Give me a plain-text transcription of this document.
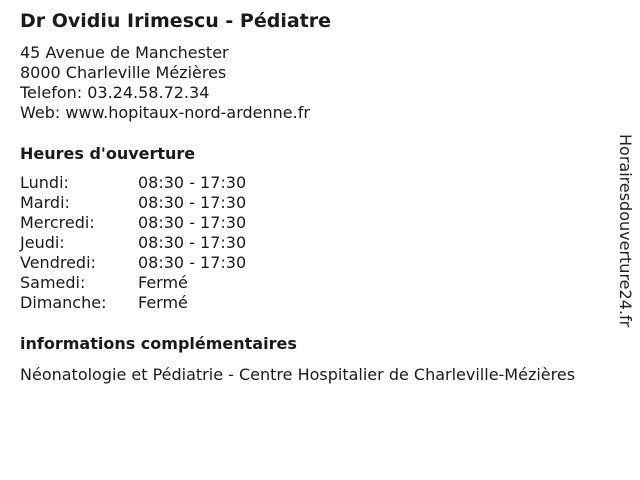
Dr Ovidiu Irimescu - Pédiatre
45 Avenue de Manchester
8000 Charleville Mézières
Telefon: 03.24.58.72.34
Web: www.hopitaux-nord-ardenne.fr
Heures d'ouverture
Lundi:	08:30 - 17:30
Mardi:	08:30 - 17:30
Mercredi:	08:30 - 17:30
Jeudi:	08:30 - 17:30
Vendredi:	08:30 - 17:30
Samedi:	Fermé
Dimanche:	Fermé
informations complémentaires
Néonatologie et Pédiatrie - Centre Hospitalier de Charleville-Mézières
Horairesdouverture24.fr
